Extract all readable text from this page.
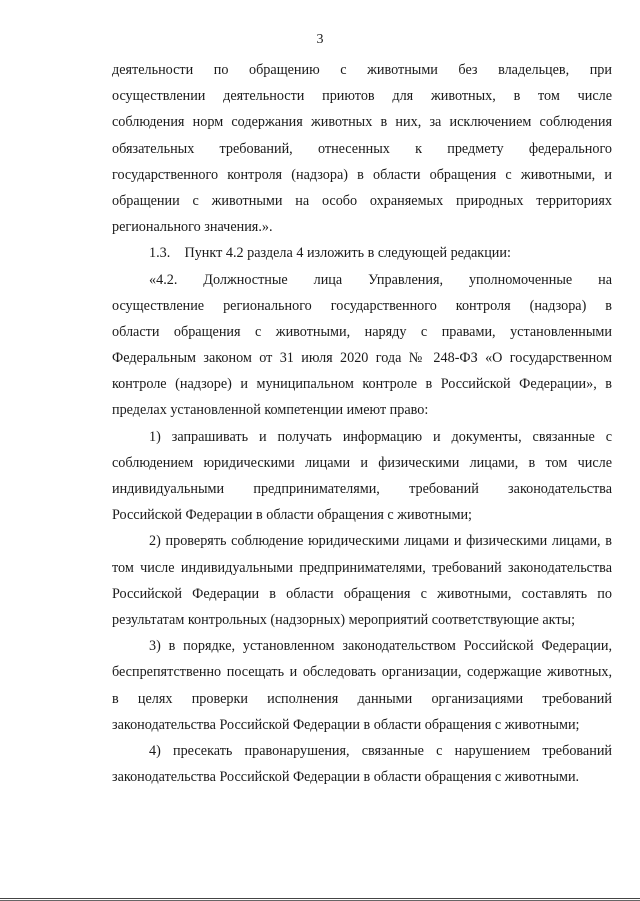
3
деятельности по обращению с животными без владельцев, при
осуществлении деятельности приютов для животных, в том числе
соблюдения норм содержания животных в них, за исключением соблюдения
обязательных требований, отнесенных к предмету федерального
государственного контроля (надзора) в области обращения с животными, и
обращении с животными на особо охраняемых природных территориях
регионального значения.».
1.3.    Пункт 4.2 раздела 4 изложить в следующей редакции:
«4.2. Должностные лица Управления, уполномоченные на
осуществление регионального государственного контроля (надзора) в
области обращения с животными, наряду с правами, установленными
Федеральным законом от 31 июля 2020 года № 248-ФЗ «О государственном
контроле (надзоре) и муниципальном контроле в Российской Федерации», в
пределах установленной компетенции имеют право:
1) запрашивать и получать информацию и документы, связанные с
соблюдением юридическими лицами и физическими лицами, в том числе
индивидуальными предпринимателями, требований законодательства
Российской Федерации в области обращения с животными;
2) проверять соблюдение юридическими лицами и физическими лицами, в
том числе индивидуальными предпринимателями, требований законодательства
Российской Федерации в области обращения с животными, составлять по
результатам контрольных (надзорных) мероприятий соответствующие акты;
3) в порядке, установленном законодательством Российской Федерации,
беспрепятственно посещать и обследовать организации, содержащие животных,
в целях проверки исполнения данными организациями требований
законодательства Российской Федерации в области обращения с животными;
4) пресекать правонарушения, связанные с нарушением требований
законодательства Российской Федерации в области обращения с животными.
